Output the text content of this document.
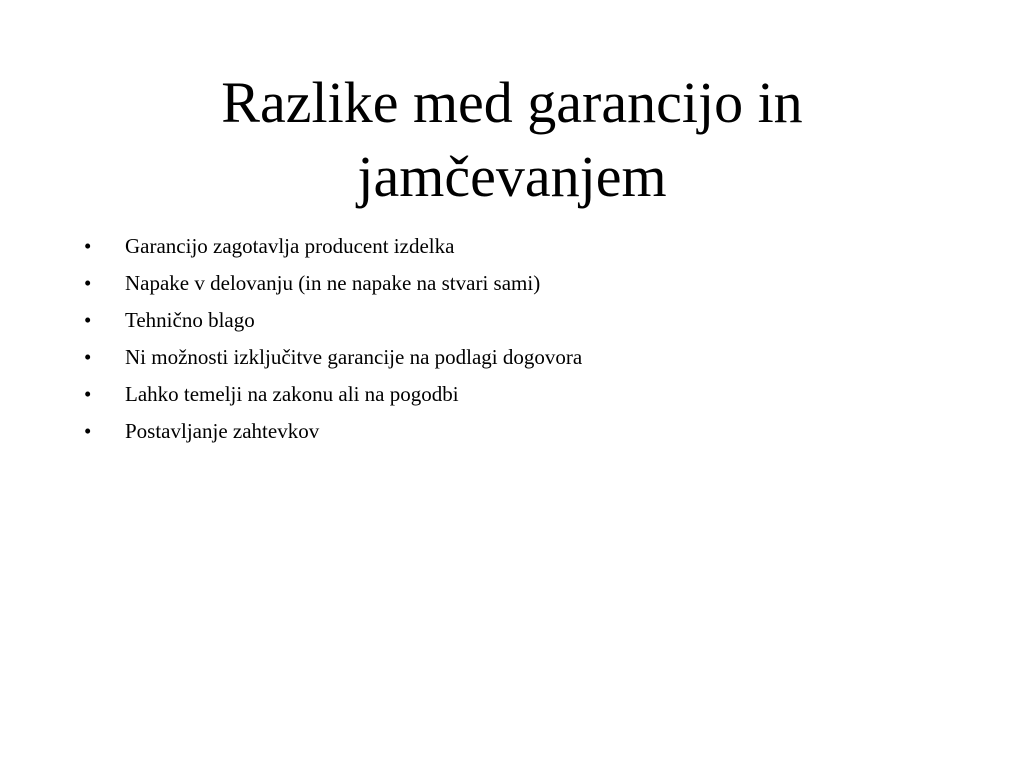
Razlike med garancijo in
jamčevanjem
• Garancijo zagotavlja producent izdelka
• Napake v delovanju (in ne napake na stvari sami)
• Tehnično blago
• Ni možnosti izključitve garancije na podlagi dogovora
• Lahko temelji na zakonu ali na pogodbi
• Postavljanje zahtevkov
